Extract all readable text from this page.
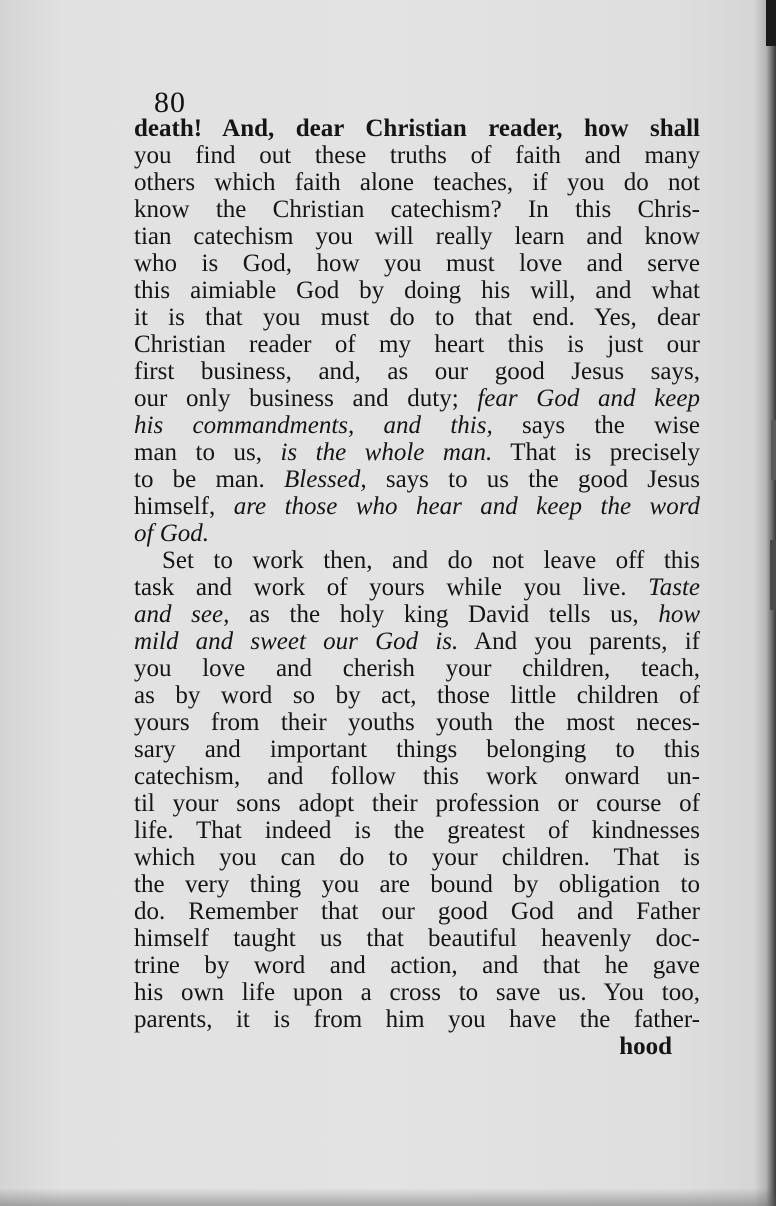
80
death! And, dear Christian reader, how shall
you find out these truths of faith and many
others which faith alone teaches, if you do not
know the Christian catechism? In this Chris-
tian catechism you will really learn and know
who is God, how you must love and serve
this aimiable God by doing his will, and what
it is that you must do to that end. Yes, dear
Christian reader of my heart this is just our
first business, and, as our good Jesus says,
our only business and duty; fear God and keep
his commandments, and this, says the wise
man to us, is the whole man. That is precisely
to be man. Blessed, says to us the good Jesus
himself, are those who hear and keep the word
of God.
Set to work then, and do not leave off this
task and work of yours while you live. Taste
and see, as the holy king David tells us, how
mild and sweet our God is. And you parents, if
you love and cherish your children, teach,
as by word so by act, those little children of
yours from their youths youth the most neces-
sary and important things belonging to this
catechism, and follow this work onward un-
til your sons adopt their profession or course of
life. That indeed is the greatest of kindnesses
which you can do to your children. That is
the very thing you are bound by obligation to
do. Remember that our good God and Father
himself taught us that beautiful heavenly doc-
trine by word and action, and that he gave
his own life upon a cross to save us. You too,
parents, it is from him you have the father-
hood
